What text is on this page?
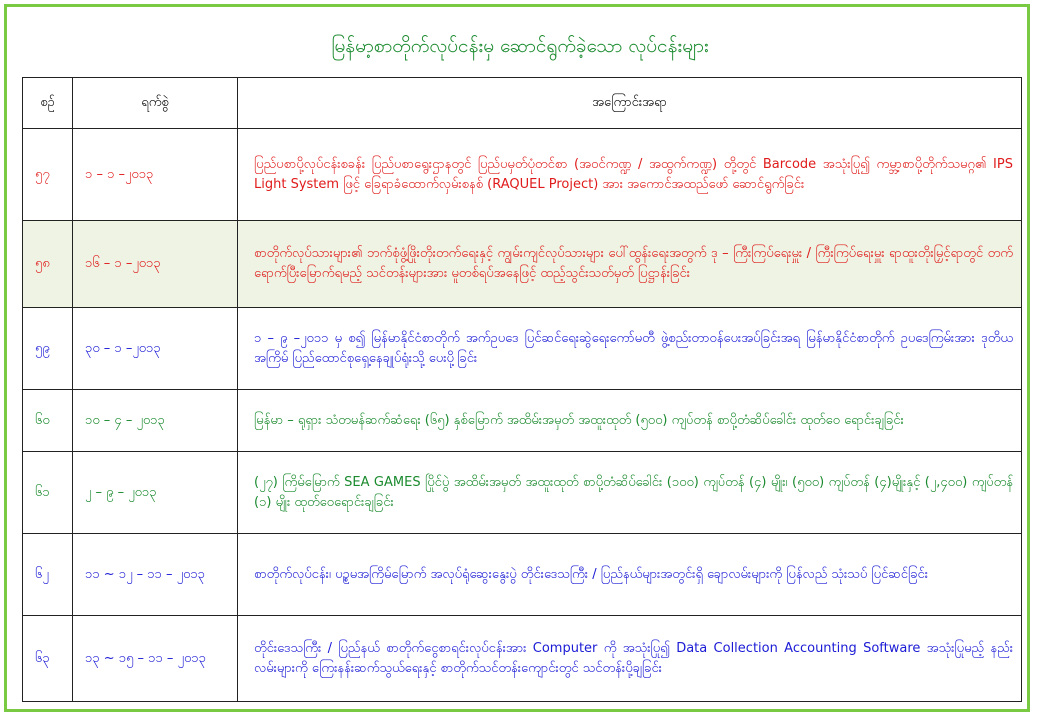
မြန်မာ့စာတိုက်လုပ်ငန်းမှ ဆောင်ရွက်ခဲ့သော လုပ်ငန်းများ
စဉ်	ရက်စွဲ	အကြောင်းအရာ
၅၇	၁ – ၁ –၂၀၁၃	ပြည်ပစာပို့လုပ်ငန်းစခန်း ပြည်ပစာရွေးဌာနတွင် ပြည်ပမှတ်ပုံတင်စာ (အဝင်ကဏ္ဍ / အထွက်ကဏ္ဍ) တို့တွင် Barcode အသုံးပြု၍ ကမ္ဘာ့စာပို့တိုက်သမဂ္ဂ၏ IPS Light System ဖြင့် ခြေရာခံထောက်လှမ်းစနစ် (RAQUEL Project) အား အကောင်အထည်ဖော် ဆောင်ရွက်ခြင်း
၅၈	၁၆ – ၁ –၂၀၁၃	စာတိုက်လုပ်သားများ၏ ဘက်စုံဖွံ့ဖြိုးတိုးတက်ရေးနှင့် ကျွမ်းကျင်လုပ်သားများ ပေါ်ထွန်းရေးအတွက် ဒု – ကြီးကြပ်ရေးမှူး / ကြီးကြပ်ရေးမှူး ရာထူးတိုးမြှင့်ရာတွင် တက်ရောက်ပြီးမြောက်ရမည့် သင်တန်းများအား မူတစ်ရပ်အနေဖြင့် ထည့်သွင်းသတ်မှတ် ပြဋ္ဌာန်းခြင်း
၅၉	၃၀ – ၁ –၂၀၁၃	၁ – ၉ –၂၀၁၁ မှ စ၍ မြန်မာနိုင်ငံစာတိုက် အက်ဥပဒေ ပြင်ဆင်ရေးဆွဲရေးကော်မတီ ဖွဲ့စည်းတာဝန်ပေးအပ်ခြင်းအရ မြန်မာနိုင်ငံစာတိုက် ဥပဒေကြမ်းအား ဒုတိယအကြိမ် ပြည်ထောင်စုရှေ့နေချုပ်ရုံးသို့ ပေးပို့ခြင်း
၆၀	၁၀ – ၄ – ၂၀၁၃	မြန်မာ – ရုရှား သံတမန်ဆက်ဆံရေး (၆၅) နှစ်မြောက် အထိမ်းအမှတ် အထူးထုတ် (၅၀၀) ကျပ်တန် စာပို့တံဆိပ်ခေါင်း ထုတ်ဝေ ရောင်းချခြင်း
၆၁	၂ – ၉ – ၂၀၁၃	(၂၇) ကြိမ်မြောက် SEA GAMES ပြိုင်ပွဲ အထိမ်းအမှတ် အထူးထုတ် စာပို့တံဆိပ်ခေါင်း (၁၀၀) ကျပ်တန် (၄) မျိုး၊ (၅၀၀) ကျပ်တန် (၄)မျိုးနှင့် (၂,၄၀၀) ကျပ်တန် (၁) မျိုး ထုတ်ဝေရောင်းချခြင်း
၆၂	၁၁ ~ ၁၂ – ၁၁ – ၂၀၁၃	စာတိုက်လုပ်ငန်း၊ ပဉ္စမအကြိမ်မြောက် အလုပ်ရုံဆွေးနွေးပွဲ တိုင်းဒေသကြီး / ပြည်နယ်များအတွင်းရှိ ချောလမ်းများကို ပြန်လည် သုံးသပ် ပြင်ဆင်ခြင်း
၆၃	၁၃ ~ ၁၅ – ၁၁ – ၂၀၁၃	တိုင်းဒေသကြီး / ပြည်နယ် စာတိုက်ငွေစာရင်းလုပ်ငန်းအား Computer ကို အသုံးပြု၍ Data Collection Accounting Software အသုံးပြုမည့် နည်းလမ်းများကို ကြေးနန်းဆက်သွယ်ရေးနှင့် စာတိုက်သင်တန်းကျောင်းတွင် သင်တန်းပို့ချခြင်း
